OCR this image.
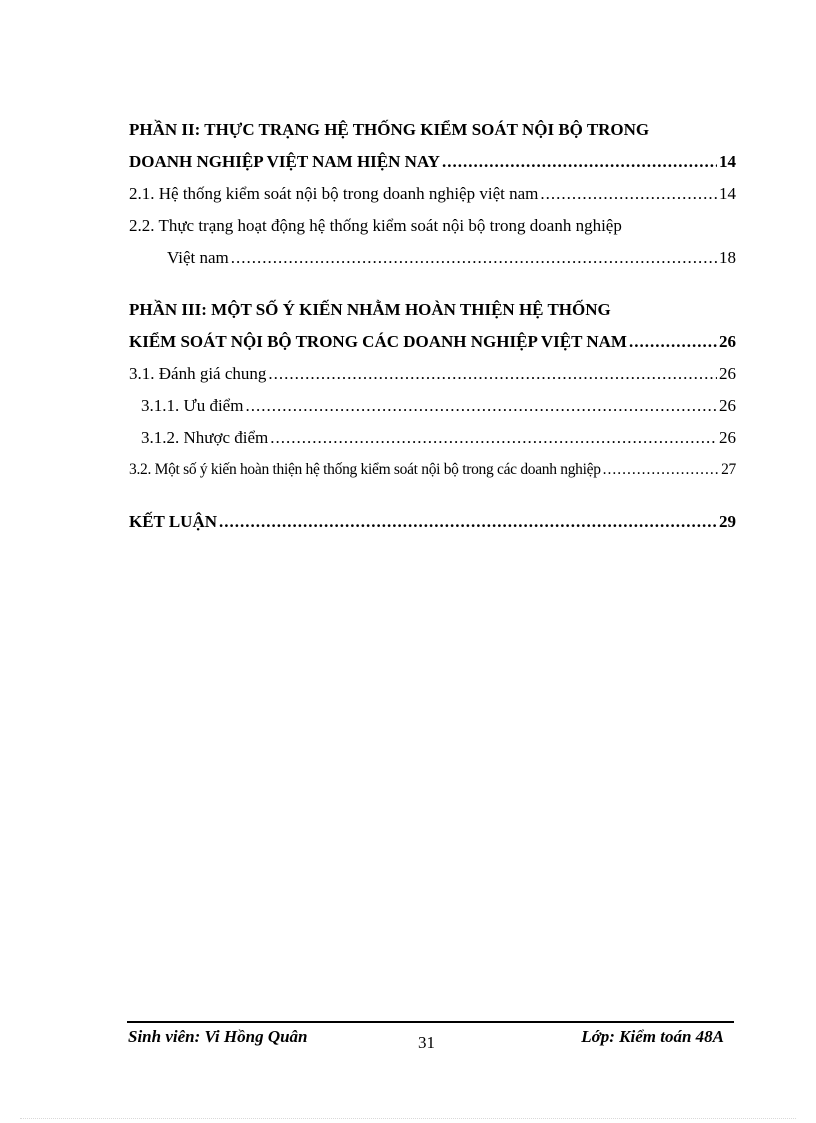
PHẦN II: THỰC TRẠNG HỆ THỐNG KIỂM SOÁT NỘI BỘ TRONG
DOANH NGHIỆP VIỆT NAM HIỆN NAY .....	14
2.1. Hệ thống kiểm soát nội bộ trong doanh nghiệp việt nam .....	14
2.2. Thực trạng hoạt động hệ thống kiểm soát nội bộ trong doanh nghiệp
Việt nam .....	18
PHẦN III: MỘT SỐ Ý KIẾN NHẰM HOÀN THIỆN HỆ THỐNG
KIỂM SOÁT NỘI BỘ TRONG CÁC DOANH NGHIỆP VIỆT NAM .....	26
3.1. Đánh giá chung .....	26
3.1.1. Ưu điểm .....	26
3.1.2. Nhược điểm .....	26
3.2. Một số ý kiến hoàn thiện hệ thống kiểm soát nội bộ trong các doanh nghiệp .....	27
KẾT LUẬN .....	29
Sinh viên: Vi Hồng Quân	31	Lớp: Kiểm toán 48A
